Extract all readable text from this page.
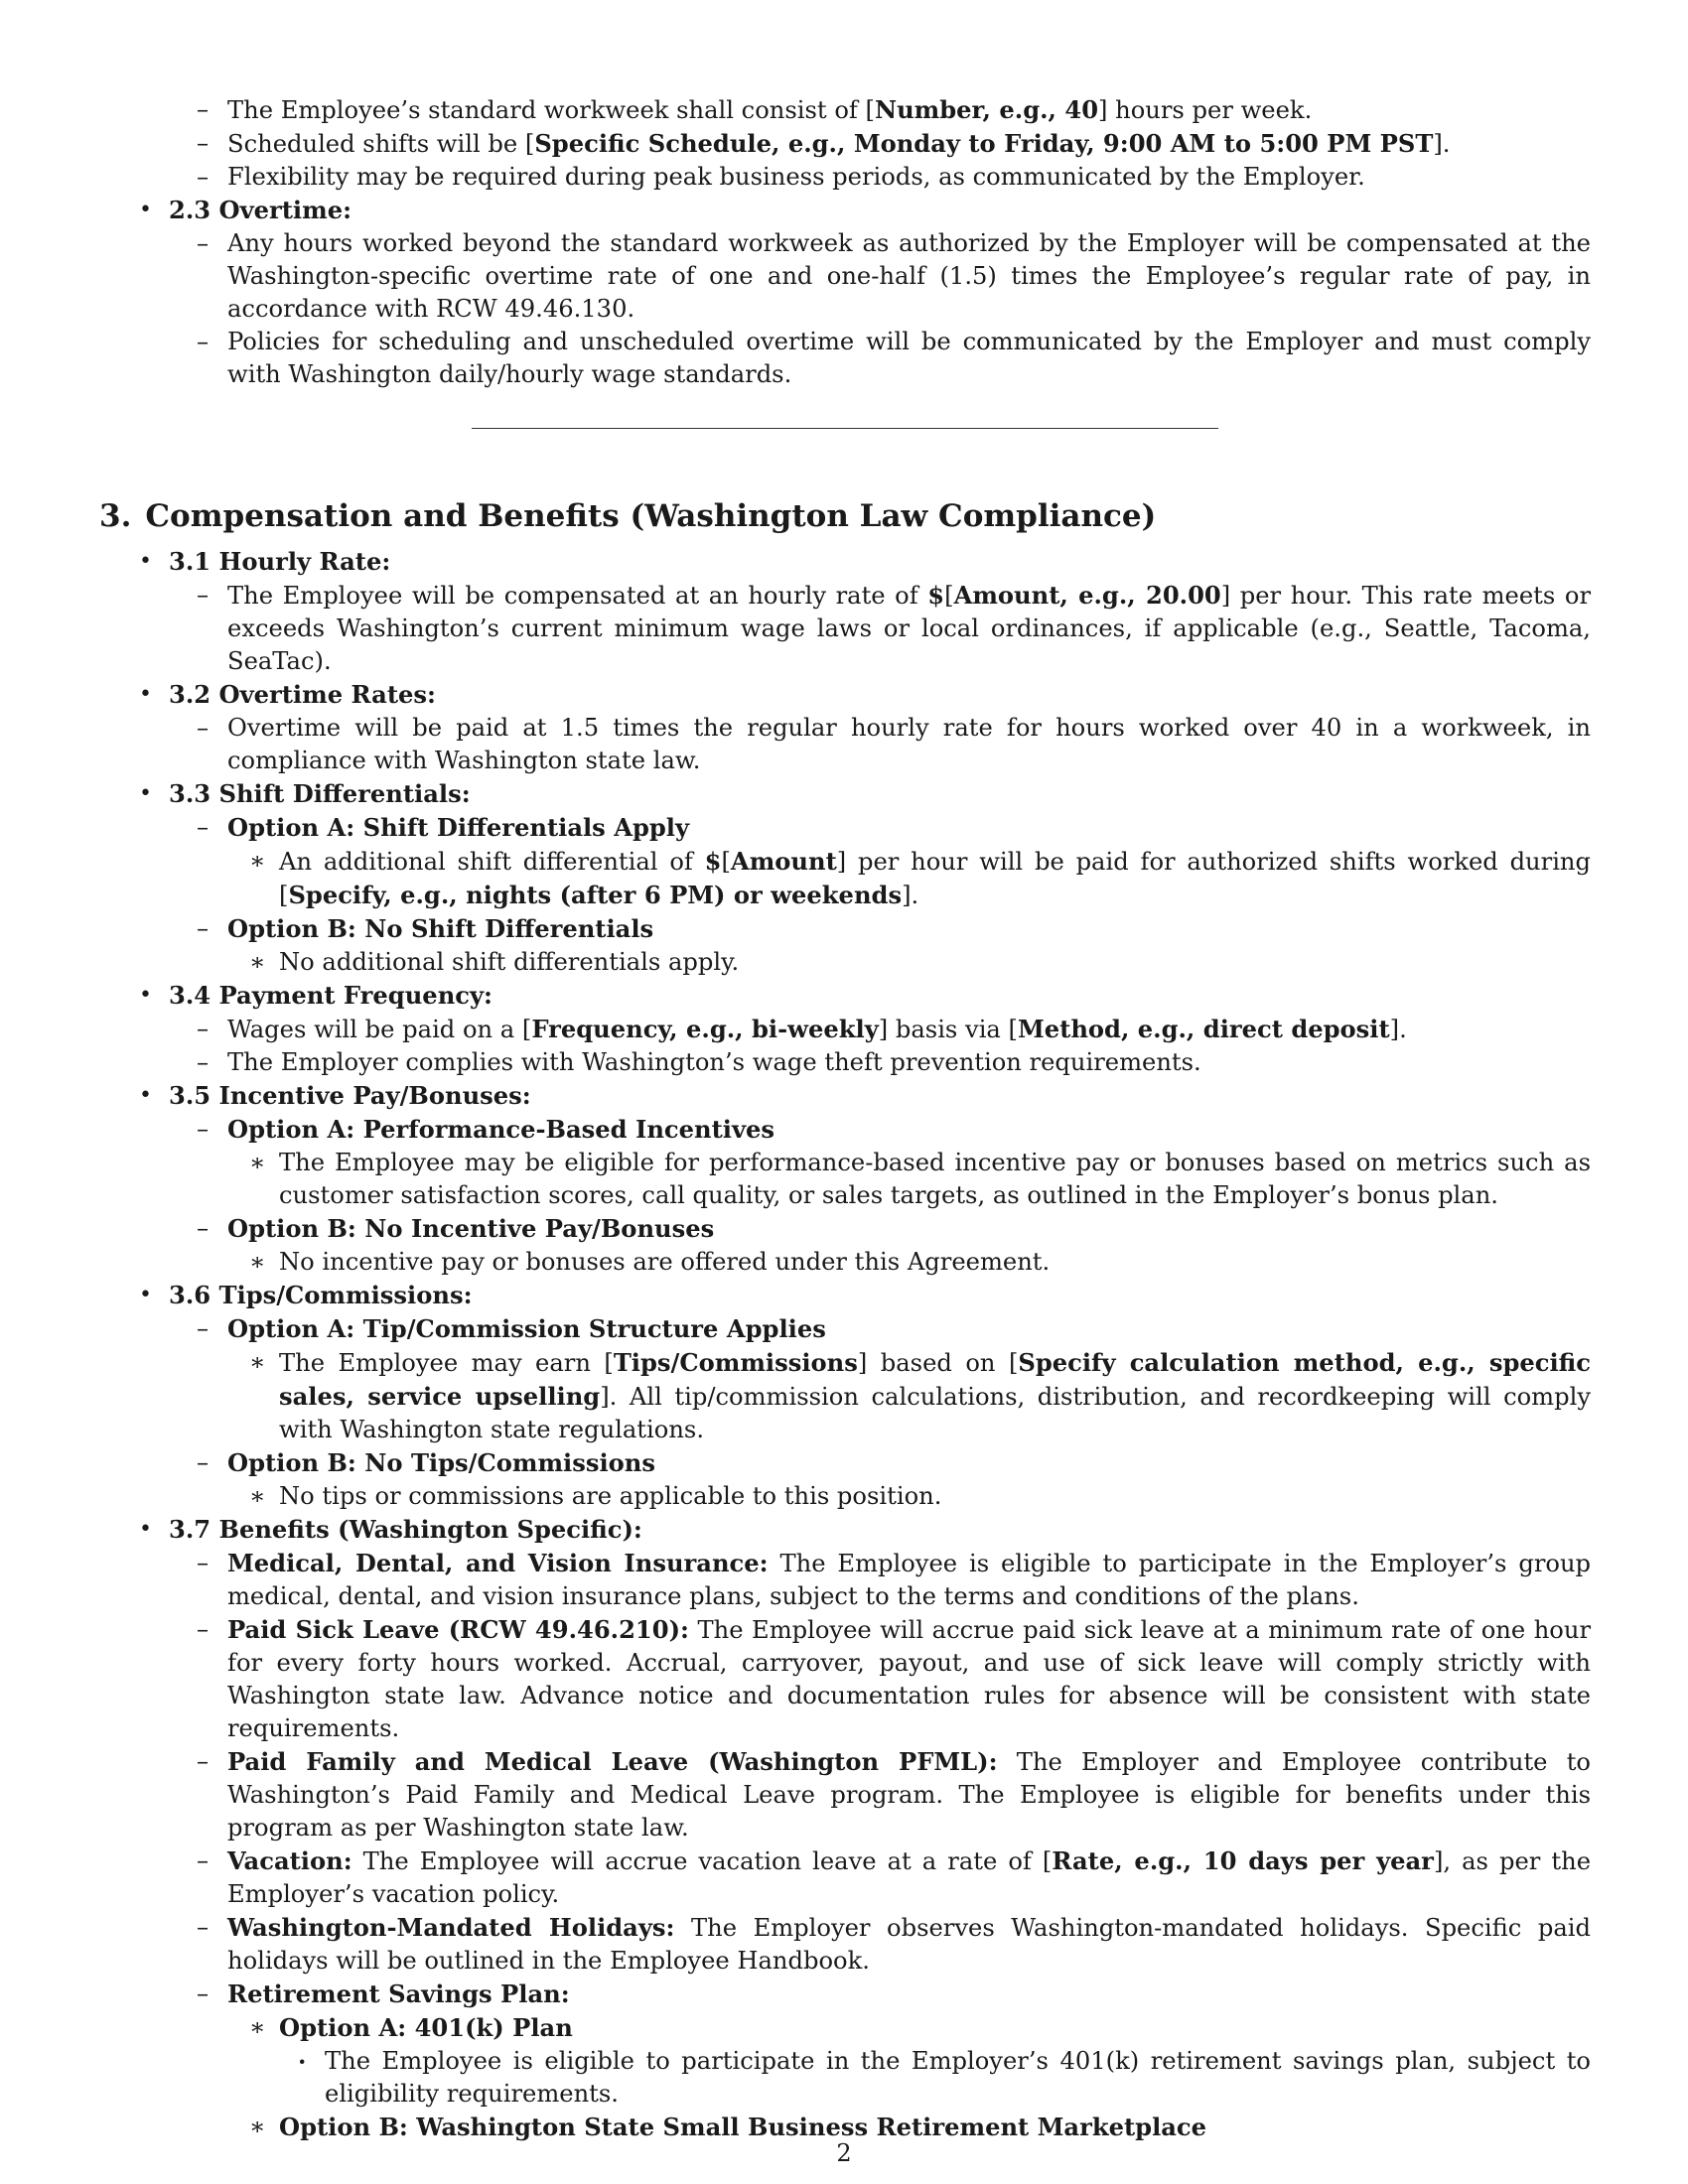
– The Employee’s standard workweek shall consist of [Number, e.g., 40] hours per week.
– Scheduled shifts will be [Specific Schedule, e.g., Monday to Friday, 9:00 AM to 5:00 PM PST].
– Flexibility may be required during peak business periods, as communicated by the Employer.
• 2.3 Overtime:
– Any hours worked beyond the standard workweek as authorized by the Employer will be compensated at the Washington-specific overtime rate of one and one-half (1.5) times the Employee’s regular rate of pay, in accordance with RCW 49.46.130.
– Policies for scheduling and unscheduled overtime will be communicated by the Employer and must comply with Washington daily/hourly wage standards.
3. Compensation and Benefits (Washington Law Compliance)
• 3.1 Hourly Rate:
– The Employee will be compensated at an hourly rate of $[Amount, e.g., 20.00] per hour. This rate meets or exceeds Washington’s current minimum wage laws or local ordinances, if applicable (e.g., Seattle, Tacoma, SeaTac).
• 3.2 Overtime Rates:
– Overtime will be paid at 1.5 times the regular hourly rate for hours worked over 40 in a workweek, in compliance with Washington state law.
• 3.3 Shift Differentials:
– Option A: Shift Differentials Apply
∗ An additional shift differential of $[Amount] per hour will be paid for authorized shifts worked during [Specify, e.g., nights (after 6 PM) or weekends].
– Option B: No Shift Differentials
∗ No additional shift differentials apply.
• 3.4 Payment Frequency:
– Wages will be paid on a [Frequency, e.g., bi-weekly] basis via [Method, e.g., direct deposit].
– The Employer complies with Washington’s wage theft prevention requirements.
• 3.5 Incentive Pay/Bonuses:
– Option A: Performance-Based Incentives
∗ The Employee may be eligible for performance-based incentive pay or bonuses based on metrics such as customer satisfaction scores, call quality, or sales targets, as outlined in the Employer’s bonus plan.
– Option B: No Incentive Pay/Bonuses
∗ No incentive pay or bonuses are offered under this Agreement.
• 3.6 Tips/Commissions:
– Option A: Tip/Commission Structure Applies
∗ The Employee may earn [Tips/Commissions] based on [Specify calculation method, e.g., specific sales, service upselling]. All tip/commission calculations, distribution, and recordkeeping will comply with Washington state regulations.
– Option B: No Tips/Commissions
∗ No tips or commissions are applicable to this position.
• 3.7 Benefits (Washington Specific):
– Medical, Dental, and Vision Insurance: The Employee is eligible to participate in the Employer’s group medical, dental, and vision insurance plans, subject to the terms and conditions of the plans.
– Paid Sick Leave (RCW 49.46.210): The Employee will accrue paid sick leave at a minimum rate of one hour for every forty hours worked. Accrual, carryover, payout, and use of sick leave will comply strictly with Washington state law. Advance notice and documentation rules for absence will be consistent with state requirements.
– Paid Family and Medical Leave (Washington PFML): The Employer and Employee contribute to Washington’s Paid Family and Medical Leave program. The Employee is eligible for benefits under this program as per Washington state law.
– Vacation: The Employee will accrue vacation leave at a rate of [Rate, e.g., 10 days per year], as per the Employer’s vacation policy.
– Washington-Mandated Holidays: The Employer observes Washington-mandated holidays. Specific paid holidays will be outlined in the Employee Handbook.
– Retirement Savings Plan:
∗ Option A: 401(k) Plan
· The Employee is eligible to participate in the Employer’s 401(k) retirement savings plan, subject to eligibility requirements.
∗ Option B: Washington State Small Business Retirement Marketplace
2
